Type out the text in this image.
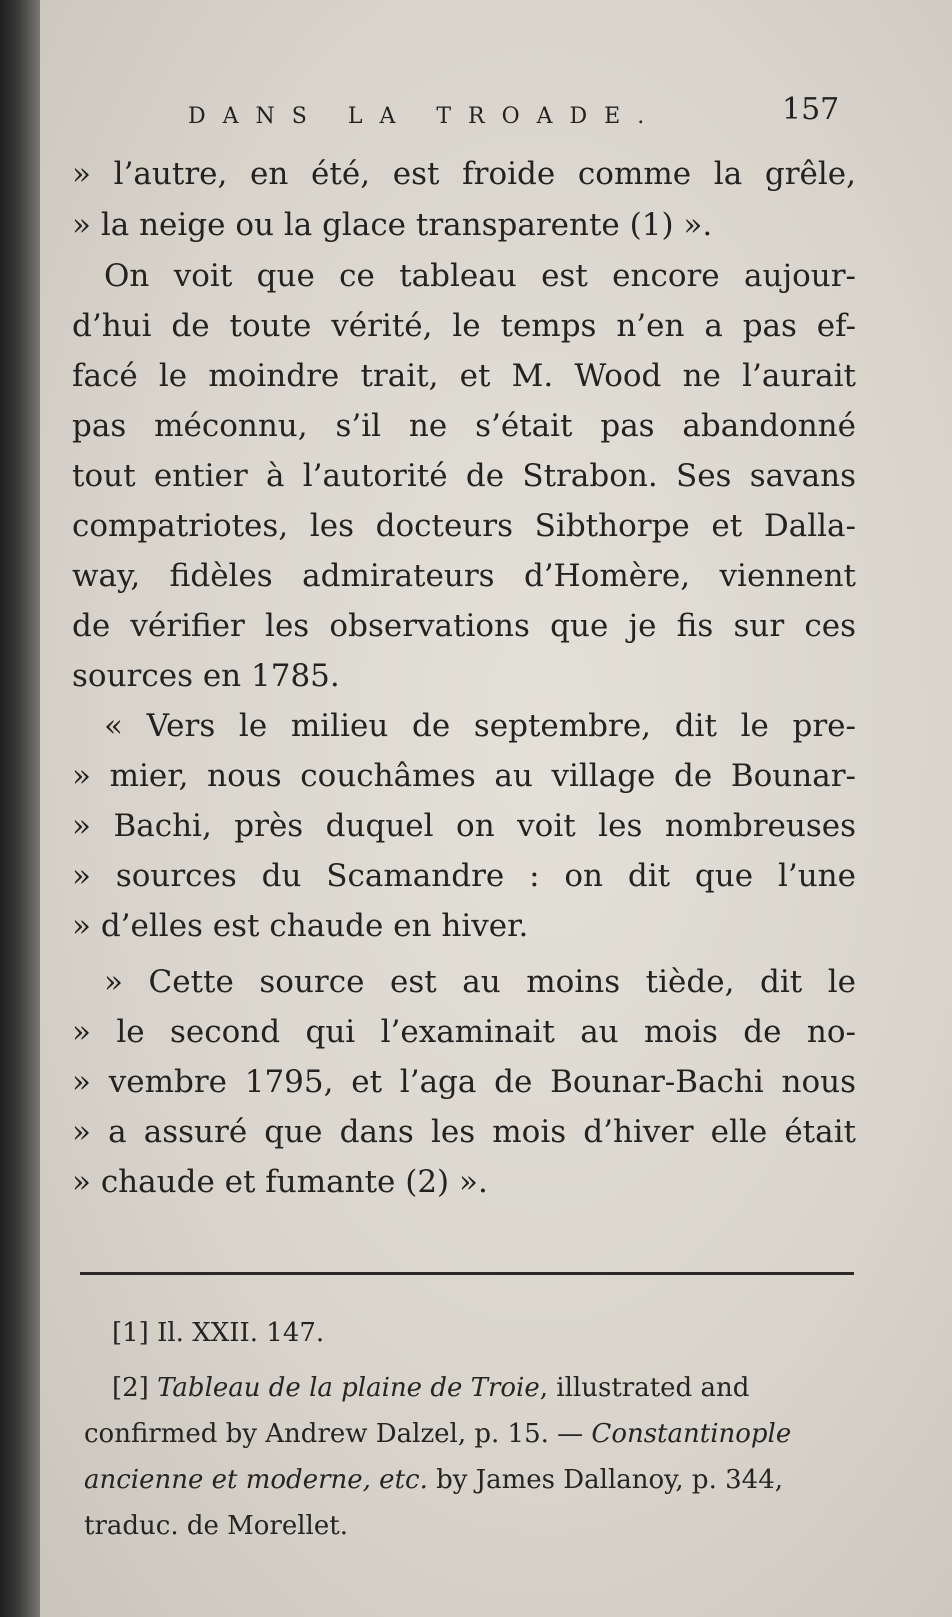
DANS LA TROADE.	157
» l’autre, en été, est froide comme la grêle,
» la neige ou la glace transparente (1) ».
On voit que ce tableau est encore aujour-
d’hui de toute vérité, le temps n’en a pas ef-
facé le moindre trait, et M. Wood ne l’aurait
pas méconnu, s’il ne s’était pas abandonné
tout entier à l’autorité de Strabon. Ses savans
compatriotes, les docteurs Sibthorpe et Dalla-
way, fidèles admirateurs d’Homère, viennent
de vérifier les observations que je fis sur ces
sources en 1785.
« Vers le milieu de septembre, dit le pre-
» mier, nous couchâmes au village de Bounar-
» Bachi, près duquel on voit les nombreuses
» sources du Scamandre : on dit que l’une
» d’elles est chaude en hiver.
» Cette source est au moins tiède, dit le
» le second qui l’examinait au mois de no-
» vembre 1795, et l’aga de Bounar-Bachi nous
» a assuré que dans les mois d’hiver elle était
» chaude et fumante (2) ».
[1] Il. XXII. 147.
[2] Tableau de la plaine de Troie, illustrated and
confirmed by Andrew Dalzel, p. 15. — Constantinople
ancienne et moderne, etc. by James Dallanoy, p. 344,
traduc. de Morellet.
